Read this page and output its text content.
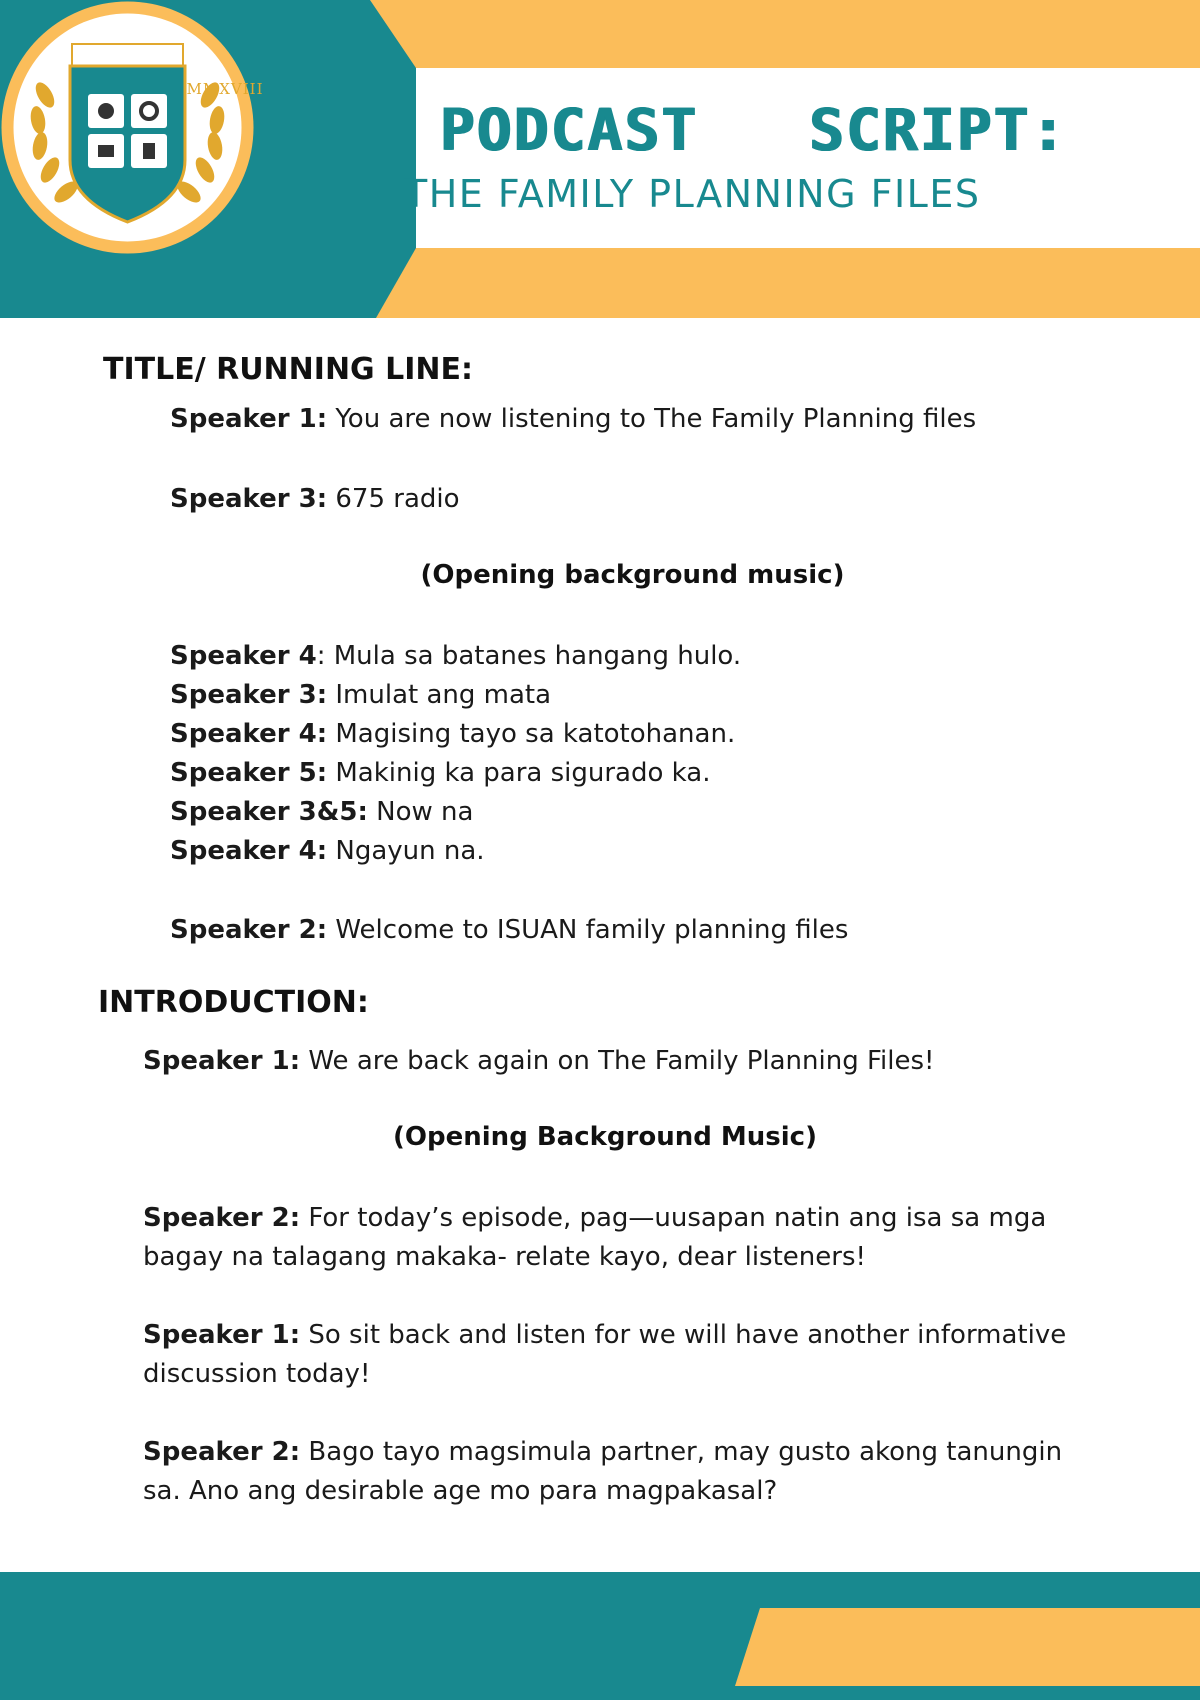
MMXVIII
PODCAST   SCRIPT:
THE FAMILY PLANNING FILES
TITLE/ RUNNING LINE:
Speaker 1: You are now listening to The Family Planning files
Speaker 3: 675 radio
(Opening background music)
Speaker 4: Mula sa batanes hangang hulo.
Speaker 3: Imulat ang mata
Speaker 4: Magising tayo sa katotohanan.
Speaker 5: Makinig ka para sigurado ka.
Speaker 3&5: Now na
Speaker 4: Ngayun na.
Speaker 2: Welcome to ISUAN family planning files
INTRODUCTION:
Speaker 1: We are back again on The Family Planning Files!
(Opening Background Music)
Speaker 2: For today’s episode, pag—uusapan natin ang isa sa mga bagay na talagang makaka- relate kayo, dear listeners!
Speaker 1: So sit back and listen for we will have another informative discussion today!
Speaker 2: Bago tayo magsimula partner, may gusto akong tanungin sa. Ano ang desirable age mo para magpakasal?
